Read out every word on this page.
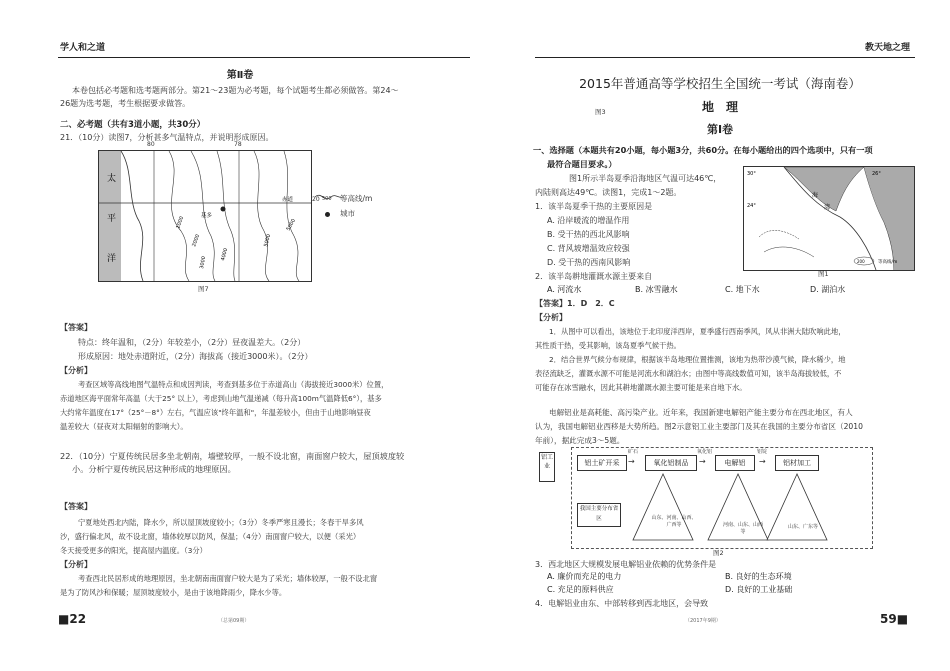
学人和之道
第Ⅱ卷
本卷包括必考题和选考题两部分。第21～23题为必考题，每个试题考生都必须做答。第24～
26题为选考题，考生根据要求做答。
二、必考题（共有3道小题，共30分）
21．（10分）读图7，分析甚多气温特点，并说明形成原因。
太
平
洋
基多
赤道
1000
2000
3000
4000
5000
5000
80	78
20 500 等高线/m
城市
图7
【答案】
特点：终年温和，（2分）年较差小，（2分）昼夜温差大。（2分）
形成原因：地处赤道附近，（2分）海拔高（接近3000米）。（2分）
【分析】
考查区域等高线地图气温特点和成因判读，考查到基多位于赤道高山（海拔接近3000米）位置，
赤道地区海平面常年高温（大于25° 以上），考虑到山地气温递减（每升高100m气温降低6°），基多
大约常年温度在17°（25°－8°）左右，气温应该"终年温和"，年温差较小，但由于山地影响昼夜
温差较大（昼夜对太阳辐射的影响大）。
22．（10分）宁夏传统民居多坐北朝南，墙壁较厚，一般不设北窗，南面窗户较大，屋顶坡度较
小。分析宁夏传统民居这种形成的地理原因。
【答案】
宁夏地处西北内陆，降水少，所以屋顶坡度较小；（3分）冬季严寒且漫长；冬春干旱多风
沙，盛行偏北风，故不设北窗，墙体较厚以防风，保温；（4分）南面窗户较大，以便（采光）
冬天接受更多的阳光，提高屋内温度。（3分）
【分析】
考查西北民居形成的地理原因，坐北朝南南面窗户较大是为了采光；墙体较厚，一般不设北窗
是为了防风沙和保暖；屋顶坡度较小，是由于该地降雨少，降水少等。
■22	（总第09期）
教天地之理
2015年普通高等学校招生全国统一考试（海南卷）
图3	地　理
第Ⅰ卷
一、选择题（本题共有20小题，每小题3分，共60分。在每小题给出的四个选项中，只有一项
最符合题目要求。）
图1所示半岛夏季沿海地区气温可达46℃，
内陆则高达49℃。读图1，完成1～2题。
1．该半岛夏季干热的主要原因是
A. 沿岸暖流的增温作用
B. 受干热的西北风影响
C. 背风坡增温效应较强
D. 受干热的西南风影响
2．该半岛耕地灌溉水源主要来自
海
湾
30°	26°
24°
200	等高线/m
图1
A. 河流水	B. 冰雪融水	C. 地下水	D. 湖泊水
【答案】1．D　2．C
【分析】
1．从图中可以看出，该地位于北印度洋西岸，夏季盛行西南季风，风从非洲大陆吹响此地，
其性质干热，受其影响，该岛夏季气候干热。
2．结合世界气候分布规律，根据该半岛地理位置推测，该地为热带沙漠气候，降水稀少，地
表径流缺乏，灌溉水源不可能是河流水和湖泊水；由图中等高线数值可知，该半岛海拔较低，不
可能存在冰雪融水，因此其耕地灌溉水源主要可能是来自地下水。
电解铝业是高耗能、高污染产业。近年来，我国新建电解铝产能主要分布在西北地区，有人
认为，我国电解铝业西移是大势所趋。图2示意铝工业主要部门及其在我国的主要分布省区（2010
年前），据此完成3～5题。
铝工业	铝土矿开采	氧化铝制品	电解铝	铝材加工
矿石	氧化铝	铝锭
→	→	→
我国主要分布省区	山东、河南、山西、广西等	河南、山东、山西等
山东、广东等
图2
3．西北地区大规模发展电解铝业依赖的优势条件是
A. 廉价而充足的电力	B. 良好的生态环境
C. 充足的原料供应	D. 良好的工业基础
4．电解铝业由东、中部转移到西北地区，会导致
59■
（2017年9期）
